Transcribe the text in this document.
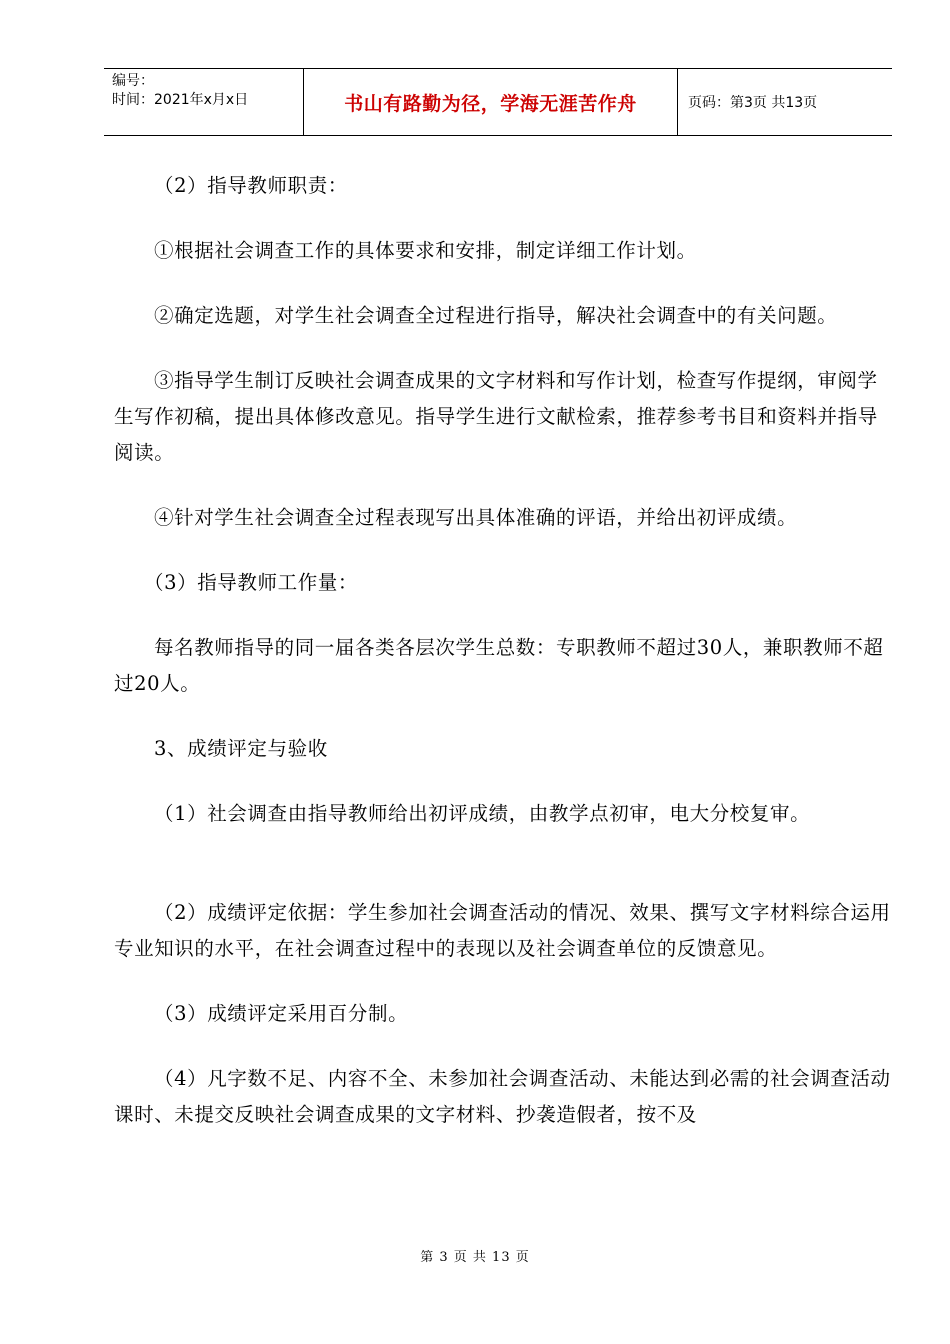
编号：
时间：2021年x月x日	书山有路勤为径，学海无涯苦作舟	页码：第3页 共13页

（2）指导教师职责：

①根据社会调查工作的具体要求和安排，制定详细工作计划。

②确定选题，对学生社会调查全过程进行指导，解决社会调查中的有关问题。

③指导学生制订反映社会调查成果的文字材料和写作计划，检查写作提纲，审阅学生写作初稿，提出具体修改意见。指导学生进行文献检索，推荐参考书目和资料并指导阅读。

④针对学生社会调查全过程表现写出具体准确的评语，并给出初评成绩。

（3）指导教师工作量：

每名教师指导的同一届各类各层次学生总数：专职教师不超过30人，兼职教师不超过20人。

3、成绩评定与验收

（1）社会调查由指导教师给出初评成绩，由教学点初审，电大分校复审。

（2）成绩评定依据：学生参加社会调查活动的情况、效果、撰写文字材料综合运用专业知识的水平，在社会调查过程中的表现以及社会调查单位的反馈意见。

（3）成绩评定采用百分制。

（4）凡字数不足、内容不全、未参加社会调查活动、未能达到必需的社会调查活动课时、未提交反映社会调查成果的文字材料、抄袭造假者，按不及

第 3 页 共 13 页
